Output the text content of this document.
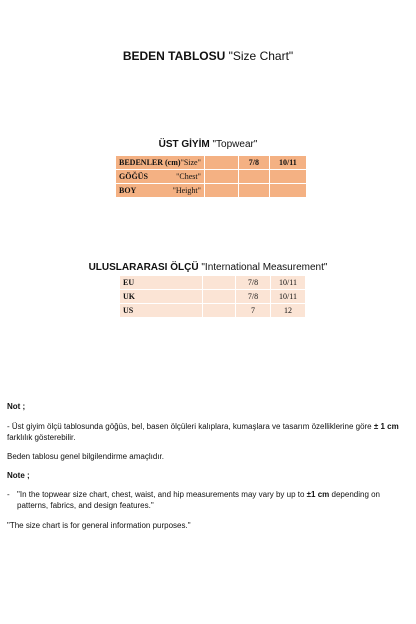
BEDEN TABLOSU "Size Chart"
ÜST GİYİM "Topwear"
BEDENLER (cm) "Size"		7/8	10/11

GÖĞÜS "Chest"			

BOY "Height"			

ULUSLARARASI ÖLÇÜ "International Measurement"
EU		7/8	10/11
UK		7/8	10/11
US		7	12
Not ;
- Üst giyim ölçü tablosunda göğüs, bel, basen ölçüleri kalıplara, kumaşlara ve tasarım özelliklerine göre ± 1 cm farklılık gösterebilir.
Beden tablosu genel bilgilendirme amaçlıdır.
Note ;
- "In the topwear size chart, chest, waist, and hip measurements may vary by up to ±1 cm depending on patterns, fabrics, and design features."
"The size chart is for general information purposes."
